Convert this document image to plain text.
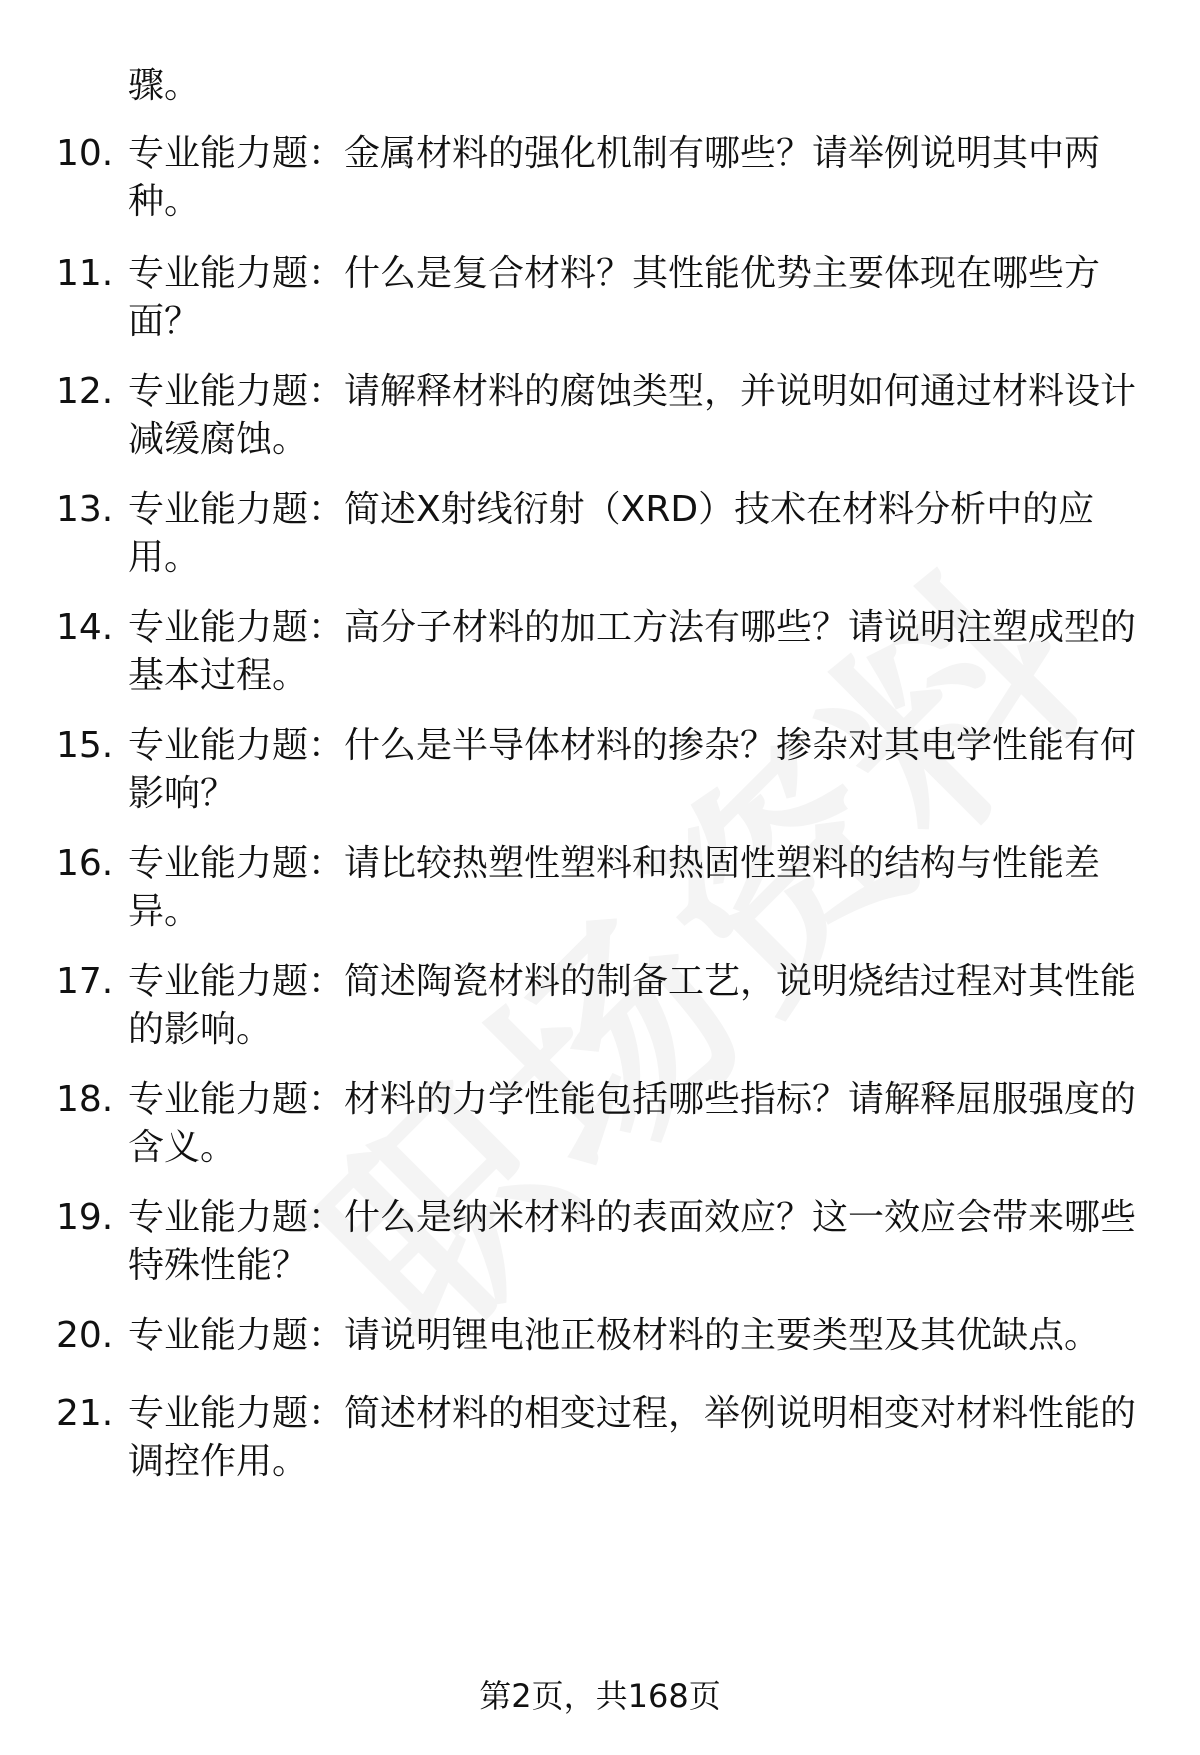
骤。
10. 专业能力题：金属材料的强化机制有哪些？请举例说明其中两种。
11. 专业能力题：什么是复合材料？其性能优势主要体现在哪些方面？
12. 专业能力题：请解释材料的腐蚀类型，并说明如何通过材料设计减缓腐蚀。
13. 专业能力题：简述X射线衍射（XRD）技术在材料分析中的应用。
14. 专业能力题：高分子材料的加工方法有哪些？请说明注塑成型的基本过程。
15. 专业能力题：什么是半导体材料的掺杂？掺杂对其电学性能有何影响？
16. 专业能力题：请比较热塑性塑料和热固性塑料的结构与性能差异。
17. 专业能力题：简述陶瓷材料的制备工艺，说明烧结过程对其性能的影响。
18. 专业能力题：材料的力学性能包括哪些指标？请解释屈服强度的含义。
19. 专业能力题：什么是纳米材料的表面效应？这一效应会带来哪些特殊性能？
20. 专业能力题：请说明锂电池正极材料的主要类型及其优缺点。
21. 专业能力题：简述材料的相变过程，举例说明相变对材料性能的调控作用。
第2页，共168页
